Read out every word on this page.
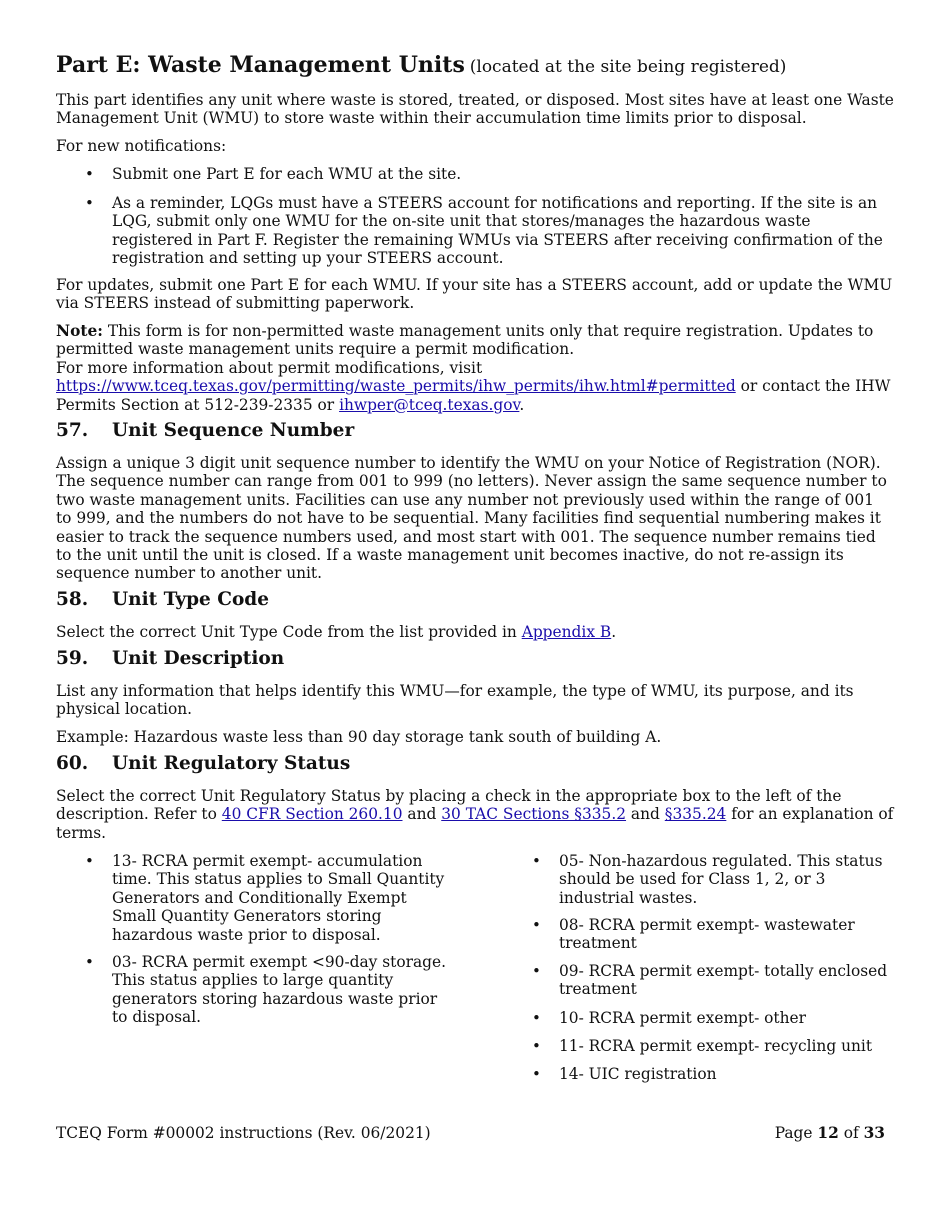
Part E: Waste Management Units (located at the site being registered)

This part identifies any unit where waste is stored, treated, or disposed. Most sites have at least one Waste Management Unit (WMU) to store waste within their accumulation time limits prior to disposal.

For new notifications:

• Submit one Part E for each WMU at the site.
• As a reminder, LQGs must have a STEERS account for notifications and reporting. If the site is an LQG, submit only one WMU for the on-site unit that stores/manages the hazardous waste registered in Part F. Register the remaining WMUs via STEERS after receiving confirmation of the registration and setting up your STEERS account.

For updates, submit one Part E for each WMU. If your site has a STEERS account, add or update the WMU via STEERS instead of submitting paperwork.

Note: This form is for non-permitted waste management units only that require registration. Updates to permitted waste management units require a permit modification.

For more information about permit modifications, visit
https://www.tceq.texas.gov/permitting/waste_permits/ihw_permits/ihw.html#permitted or contact the IHW Permits Section at 512-239-2335 or ihwper@tceq.texas.gov.

57. Unit Sequence Number

Assign a unique 3 digit unit sequence number to identify the WMU on your Notice of Registration (NOR). The sequence number can range from 001 to 999 (no letters). Never assign the same sequence number to two waste management units. Facilities can use any number not previously used within the range of 001 to 999, and the numbers do not have to be sequential. Many facilities find sequential numbering makes it easier to track the sequence numbers used, and most start with 001. The sequence number remains tied to the unit until the unit is closed. If a waste management unit becomes inactive, do not re-assign its sequence number to another unit.

58. Unit Type Code

Select the correct Unit Type Code from the list provided in Appendix B.

59. Unit Description

List any information that helps identify this WMU—for example, the type of WMU, its purpose, and its physical location.

Example: Hazardous waste less than 90 day storage tank south of building A.

60. Unit Regulatory Status

Select the correct Unit Regulatory Status by placing a check in the appropriate box to the left of the description. Refer to 40 CFR Section 260.10 and 30 TAC Sections §335.2 and §335.24 for an explanation of terms.

• 13- RCRA permit exempt- accumulation time. This status applies to Small Quantity Generators and Conditionally Exempt Small Quantity Generators storing hazardous waste prior to disposal.
• 03- RCRA permit exempt <90-day storage. This status applies to large quantity generators storing hazardous waste prior to disposal.
• 05- Non-hazardous regulated. This status should be used for Class 1, 2, or 3 industrial wastes.
• 08- RCRA permit exempt- wastewater treatment
• 09- RCRA permit exempt- totally enclosed treatment
• 10- RCRA permit exempt- other
• 11- RCRA permit exempt- recycling unit
• 14- UIC registration
TCEQ Form #00002 instructions (Rev. 06/2021)	Page 12 of 33
